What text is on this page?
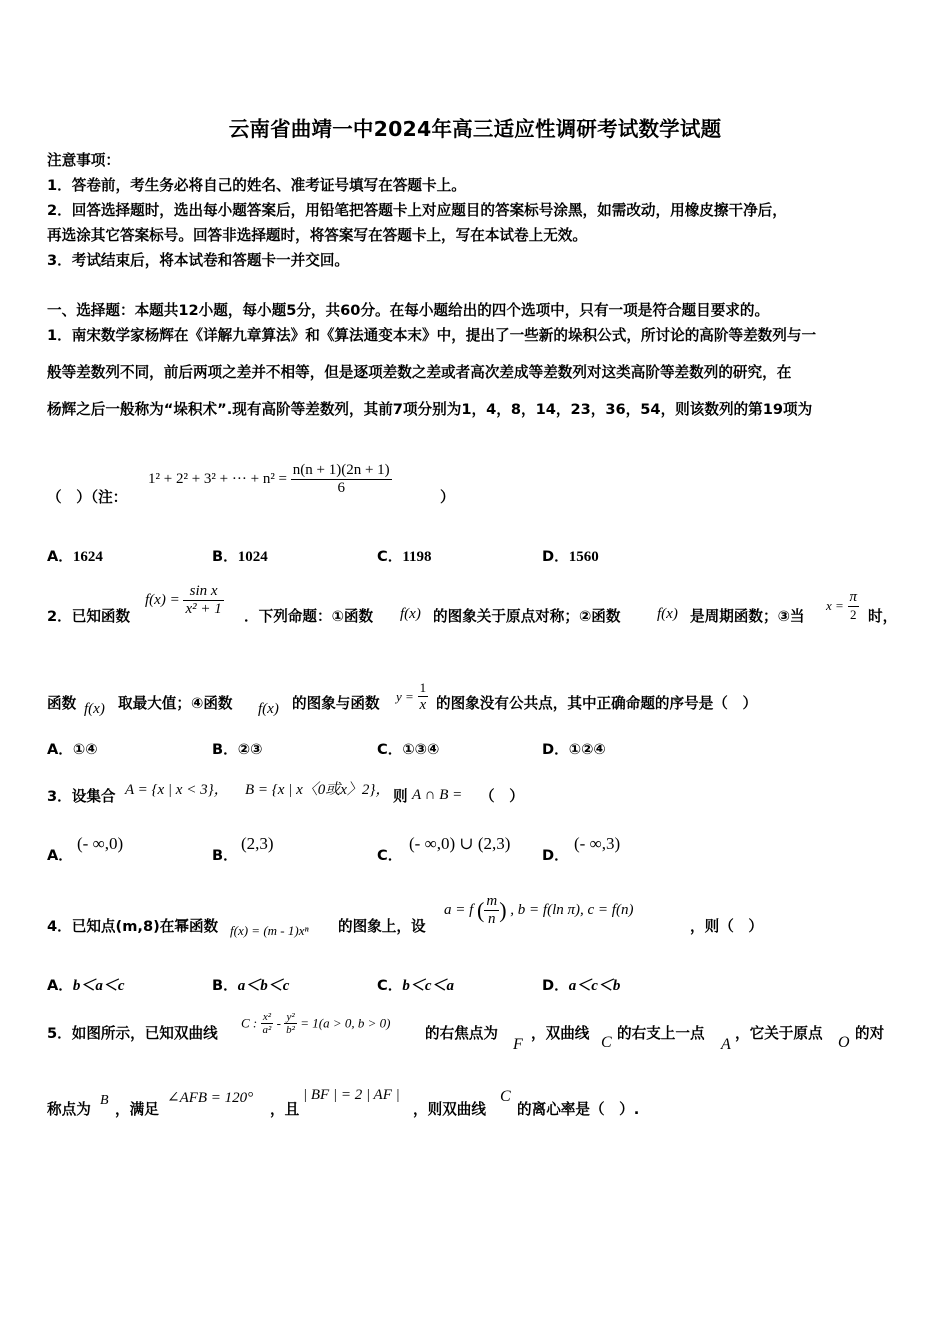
云南省曲靖一中2024年高三适应性调研考试数学试题
注意事项：
1．答卷前，考生务必将自己的姓名、准考证号填写在答题卡上。
2．回答选择题时，选出每小题答案后，用铅笔把答题卡上对应题目的答案标号涂黑，如需改动，用橡皮擦干净后，
再选涂其它答案标号。回答非选择题时，将答案写在答题卡上，写在本试卷上无效。
3．考试结束后，将本试卷和答题卡一并交回。
一、选择题：本题共12小题，每小题5分，共60分。在每小题给出的四个选项中，只有一项是符合题目要求的。
1．南宋数学家杨辉在《详解九章算法》和《算法通变本末》中，提出了一些新的垛积公式，所讨论的高阶等差数列与一
般等差数列不同，前后两项之差并不相等，但是逐项差数之差或者高次差成等差数列对这类高阶等差数列的研究，在
杨辉之后一般称为“垛积术”.现有高阶等差数列，其前7项分别为1，4，8，14，23，36，54，则该数列的第19项为
（　）（注：
1² + 2² + 3² + ··· + $n^2 = \frac{n(n + 1)(2n + 1)}{6}$
）
A．1624	B．1024	C．1198	D．1560
2．已知函数
$f(x) = \frac{\text{sin x}}{\text{x² + 1}}$ ．下列命题：①函数 f(x) 的图象关于原点对称；②函数 f(x) 是周期函数；③当
$x = \frac{\pi}{2}$ 时，
函数 f(x) 取最大值；④函数 f(x) 的图象与函数 $y = \frac{1}{x}$ 的图象没有公共点，其中正确命题的序号是（　）
A．①④	B．②③	C．①③④	D．①②④
3．设集合 A = {x | x < 3}， B = {x | x〈0或x〉2}， 则 A ∩ B = （　）
A．
(- ∞,0)
B．
(2,3)
C．
(- ∞,0) ∪ (2,3)
D．
(- ∞,3)
4．已知点(m,8)在幂函数 f(x) = (m - 1)xⁿ 的图象上，设
a = f ( $\frac{m}{n}$ ) , b = f(ln π), c = f(n)
，则（　）
A．b＜a＜c	B．a＜b＜c	C．b＜c＜a	D．a＜c＜b
5．如图所示，已知双曲线
C : $\frac{\text{x²}}{\text{a²}} - \frac{\text{y²}}{\text{b²}} = 1(a > 0$, b > 0)
的右焦点为
F
，双曲线
C
的右支上一点
A
，它关于原点
O
的对
称点为
B
，满足
∠AFB = 120°
，且
| BF | = 2 | AF |
，则双曲线
C
的离心率是（　）.
